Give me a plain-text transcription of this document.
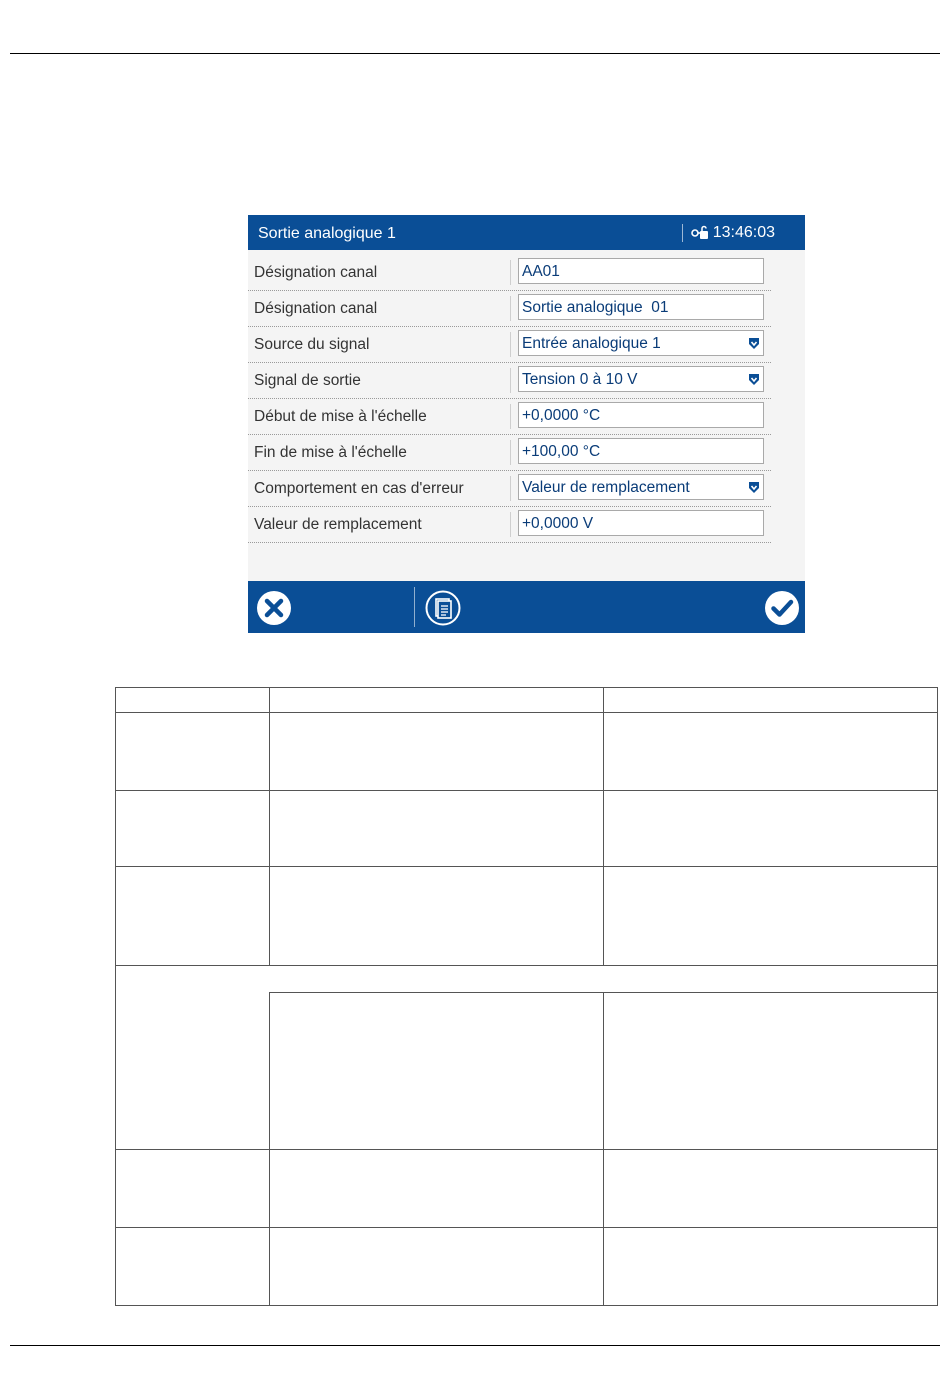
Sortie analogique 1	13:46:03
Désignation canal	AA01
Désignation canal	Sortie analogique  01
Source du signal	Entrée analogique 1
Signal de sortie	Tension 0 à 10 V
Début de mise à l'échelle	+0,0000 °C
Fin de mise à l'échelle	+100,00 °C
Comportement en cas d'erreur	Valeur de remplacement
Valeur de remplacement	+0,0000 V
